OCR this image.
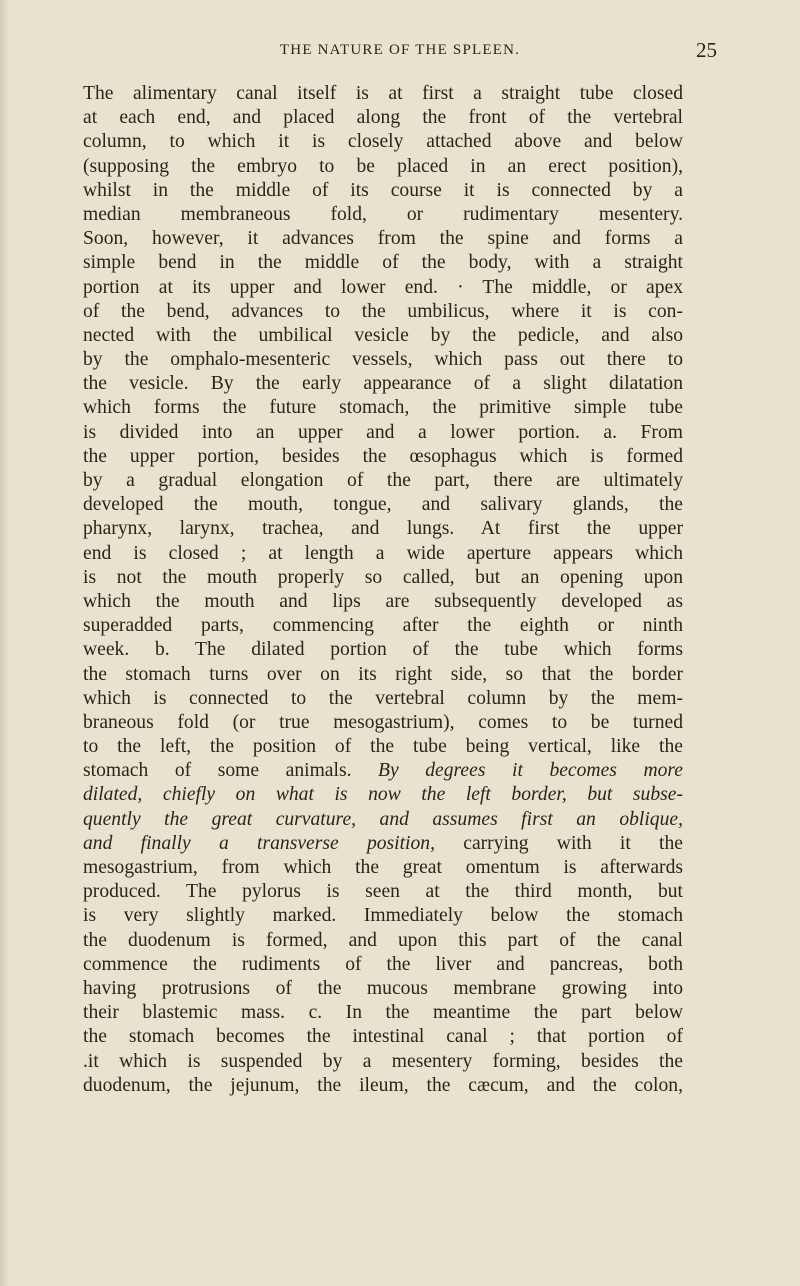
THE NATURE OF THE SPLEEN.	25
The alimentary canal itself is at first a straight tube closed
at each end, and placed along the front of the vertebral
column, to which it is closely attached above and below
(supposing the embryo to be placed in an erect position),
whilst in the middle of its course it is connected by a
median membraneous fold, or rudimentary mesentery.
Soon, however, it advances from the spine and forms a
simple bend in the middle of the body, with a straight
portion at its upper and lower end. · The middle, or apex
of the bend, advances to the umbilicus, where it is con-
nected with the umbilical vesicle by the pedicle, and also
by the omphalo-mesenteric vessels, which pass out there to
the vesicle. By the early appearance of a slight dilatation
which forms the future stomach, the primitive simple tube
is divided into an upper and a lower portion. a. From
the upper portion, besides the œsophagus which is formed
by a gradual elongation of the part, there are ultimately
developed the mouth, tongue, and salivary glands, the
pharynx, larynx, trachea, and lungs. At first the upper
end is closed ; at length a wide aperture appears which
is not the mouth properly so called, but an opening upon
which the mouth and lips are subsequently developed as
superadded parts, commencing after the eighth or ninth
week. b. The dilated portion of the tube which forms
the stomach turns over on its right side, so that the border
which is connected to the vertebral column by the mem-
braneous fold (or true mesogastrium), comes to be turned
to the left, the position of the tube being vertical, like the
stomach of some animals. By degrees it becomes more
dilated, chiefly on what is now the left border, but subse-
quently the great curvature, and assumes first an oblique,
and finally a transverse position, carrying with it the
mesogastrium, from which the great omentum is afterwards
produced. The pylorus is seen at the third month, but
is very slightly marked. Immediately below the stomach
the duodenum is formed, and upon this part of the canal
commence the rudiments of the liver and pancreas, both
having protrusions of the mucous membrane growing into
their blastemic mass. c. In the meantime the part below
the stomach becomes the intestinal canal ; that portion of
.it which is suspended by a mesentery forming, besides the
duodenum, the jejunum, the ileum, the cæcum, and the colon,
